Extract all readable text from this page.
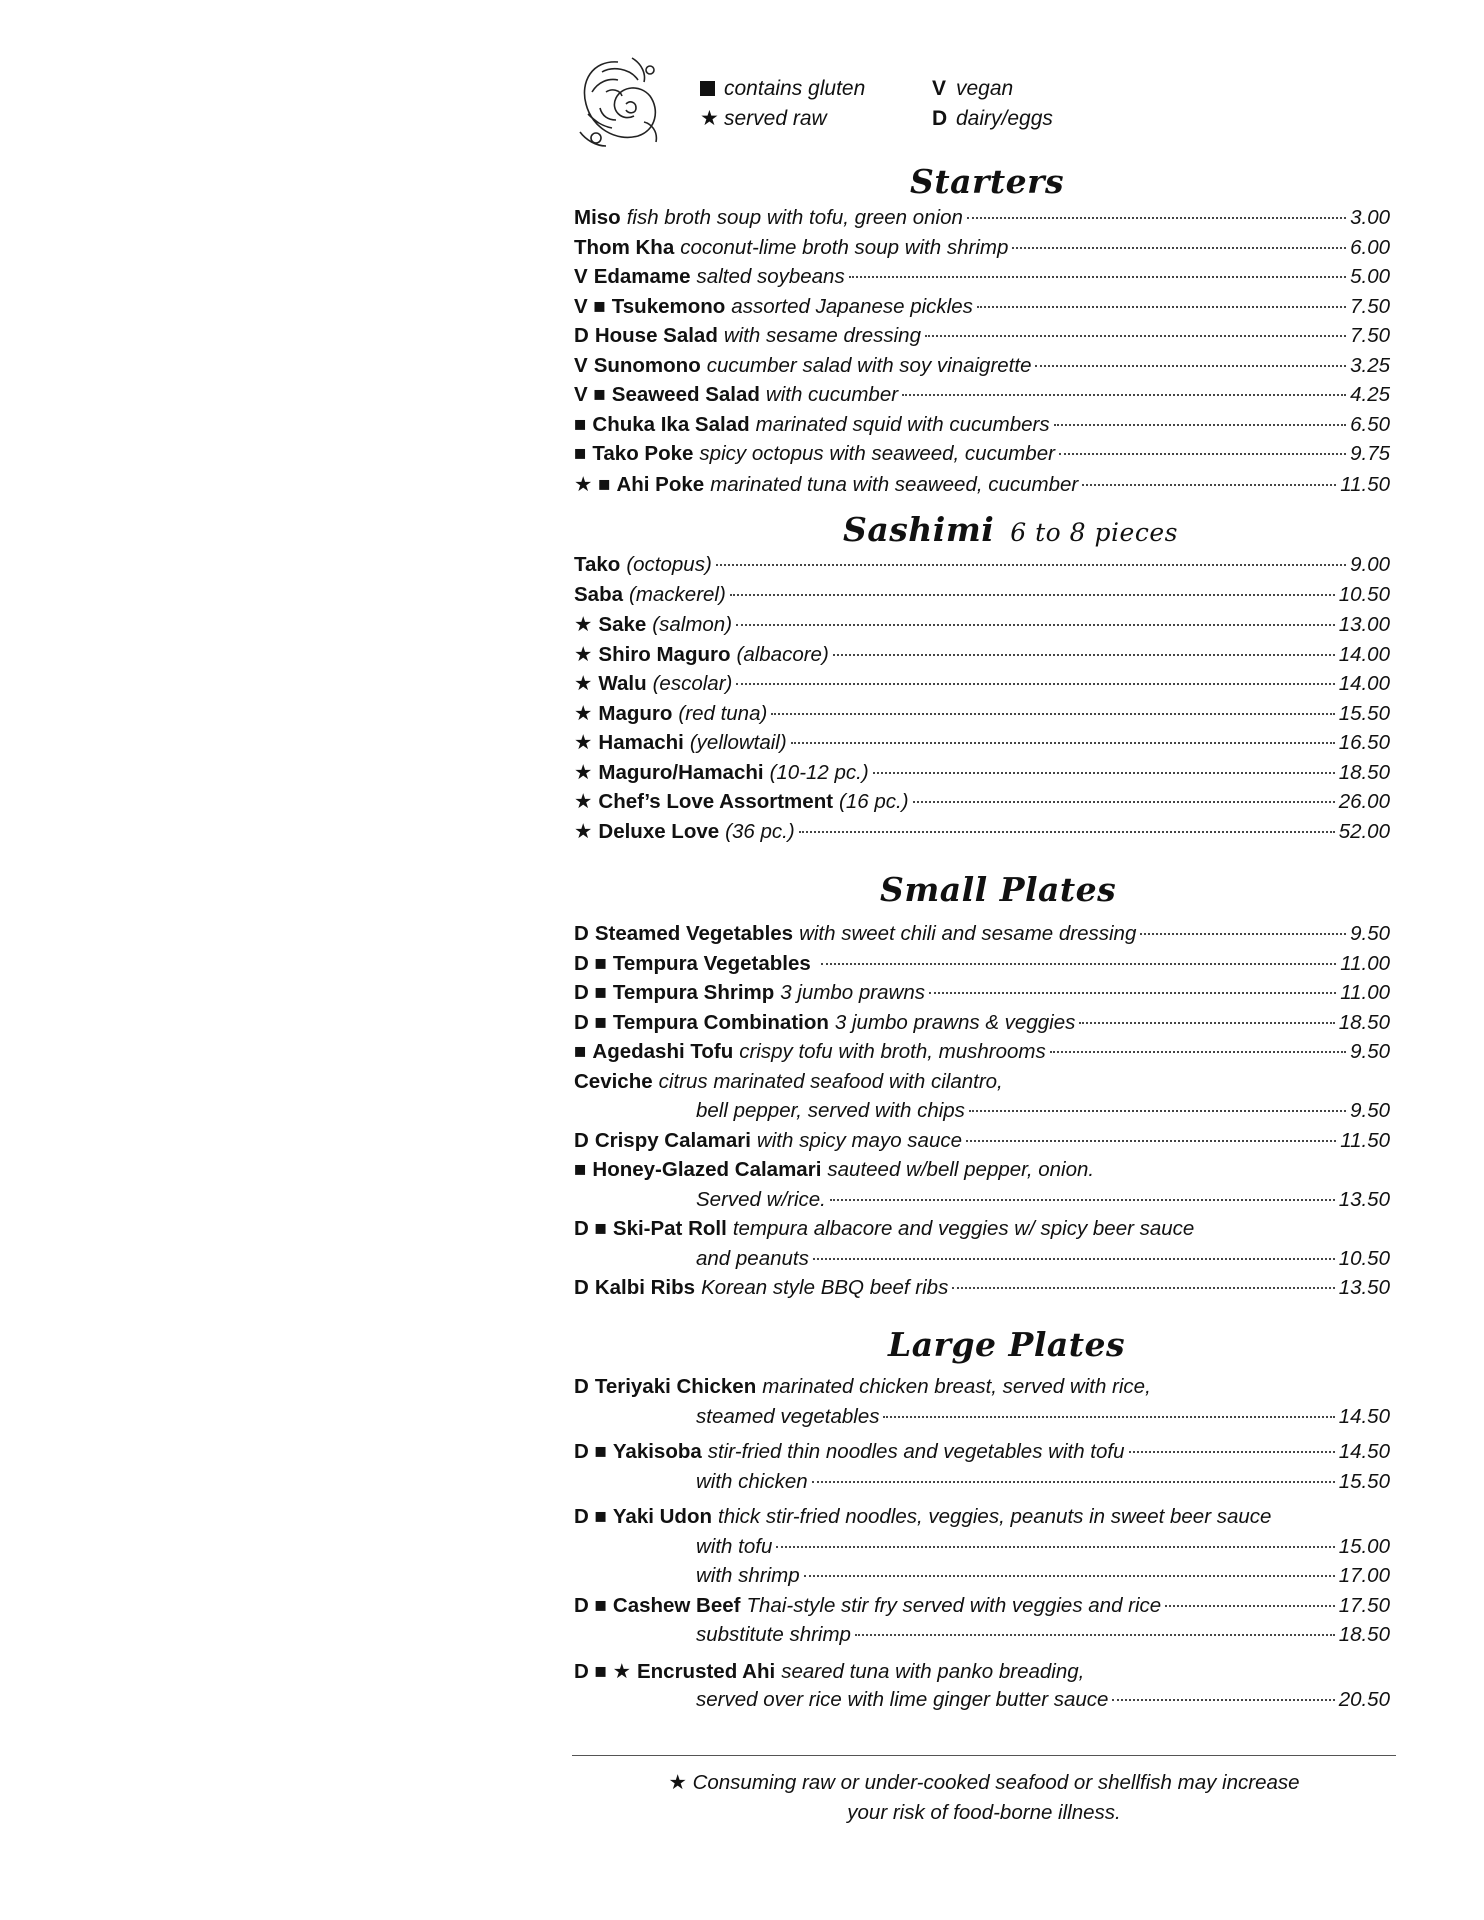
contains gluten
★ served raw
V vegan
D dairy/eggs
Starters
Miso fish broth soup with tofu, green onion	3.00
Thom Kha coconut-lime broth soup with shrimp	6.00
V Edamame salted soybeans	5.00
V ■ Tsukemono assorted Japanese pickles	7.50
D House Salad with sesame dressing	7.50
V Sunomono cucumber salad with soy vinaigrette	3.25
V ■ Seaweed Salad with cucumber	4.25
■ Chuka Ika Salad marinated squid with cucumbers	6.50
■ Tako Poke spicy octopus with seaweed, cucumber	9.75
★ ■ Ahi Poke marinated tuna with seaweed, cucumber	11.50
Sashimi 6 to 8 pieces
Tako (octopus)	9.00
Saba (mackerel)	10.50
★ Sake (salmon)	13.00
★ Shiro Maguro (albacore)	14.00
★ Walu (escolar)	14.00
★ Maguro (red tuna)	15.50
★ Hamachi (yellowtail)	16.50
★ Maguro/Hamachi (10-12 pc.)	18.50
★ Chef’s Love Assortment (16 pc.)	26.00
★ Deluxe Love (36 pc.)	52.00
Small Plates
D Steamed Vegetables with sweet chili and sesame dressing	9.50
D ■ Tempura Vegetables	11.00
D ■ Tempura Shrimp 3 jumbo prawns	11.00
D ■ Tempura Combination 3 jumbo prawns & veggies	18.50
■ Agedashi Tofu crispy tofu with broth, mushrooms	9.50
Ceviche citrus marinated seafood with cilantro,
bell pepper, served with chips	9.50
D Crispy Calamari with spicy mayo sauce	11.50
■ Honey-Glazed Calamari sauteed w/bell pepper, onion.
Served w/rice.	13.50
D ■ Ski-Pat Roll tempura albacore and veggies w/ spicy beer sauce
and peanuts	10.50
D Kalbi Ribs Korean style BBQ beef ribs	13.50
Large Plates
D Teriyaki Chicken marinated chicken breast, served with rice,
steamed vegetables	14.50
D ■ Yakisoba stir-fried thin noodles and vegetables with tofu	14.50
with chicken	15.50
D ■ Yaki Udon thick stir-fried noodles, veggies, peanuts in sweet beer sauce
with tofu	15.00
with shrimp	17.00
D ■ Cashew Beef Thai-style stir fry served with veggies and rice	17.50
substitute shrimp	18.50
D ■ ★ Encrusted Ahi seared tuna with panko breading,
served over rice with lime ginger butter sauce	20.50
★ Consuming raw or under-cooked seafood or shellfish may increase
your risk of food-borne illness.
